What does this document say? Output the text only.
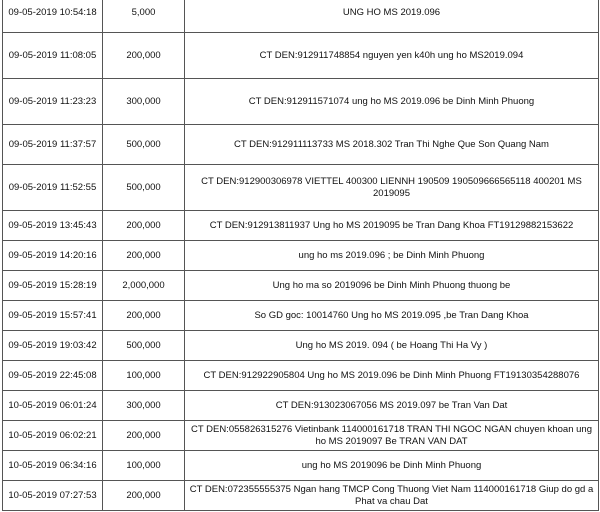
09-05-2019 10:54:18	5,000	UNG HO MS 2019.096
09-05-2019 11:08:05	200,000	CT DEN:912911748854 nguyen yen k40h ung ho MS2019.094
09-05-2019 11:23:23	300,000	CT DEN:912911571074 ung ho MS 2019.096 be Dinh Minh Phuong
09-05-2019 11:37:57	500,000	CT DEN:912911113733 MS 2018.302 Tran Thi Nghe Que Son Quang Nam
09-05-2019 11:52:55	500,000	CT DEN:912900306978 VIETTEL 400300 LIENNH 190509 190509666565118 400201 MS 2019095
09-05-2019 13:45:43	200,000	CT DEN:912913811937 Ung ho MS 2019095 be Tran Dang Khoa FT19129882153622
09-05-2019 14:20:16	200,000	ung ho ms 2019.096 ; be Dinh Minh Phuong
09-05-2019 15:28:19	2,000,000	Ung ho ma so 2019096 be Dinh Minh Phuong thuong be
09-05-2019 15:57:41	200,000	So GD goc: 10014760 Ung ho MS 2019.095 ,be Tran Dang Khoa
09-05-2019 19:03:42	500,000	Ung ho MS 2019. 094 ( be Hoang Thi Ha Vy )
09-05-2019 22:45:08	100,000	CT DEN:912922905804 Ung ho MS 2019.096 be Dinh Minh Phuong FT19130354288076
10-05-2019 06:01:24	300,000	CT DEN:913023067056 MS 2019.097 be Tran Van Dat
10-05-2019 06:02:21	200,000	CT DEN:055826315276 Vietinbank 114000161718 TRAN THI NGOC NGAN chuyen khoan ung ho MS 2019097 Be TRAN VAN DAT
10-05-2019 06:34:16	100,000	ung ho MS 2019096 be Dinh Minh Phuong
10-05-2019 07:27:53	200,000	CT DEN:072355555375 Ngan hang TMCP Cong Thuong Viet Nam 114000161718 Giup do gd a Phat va chau Dat
